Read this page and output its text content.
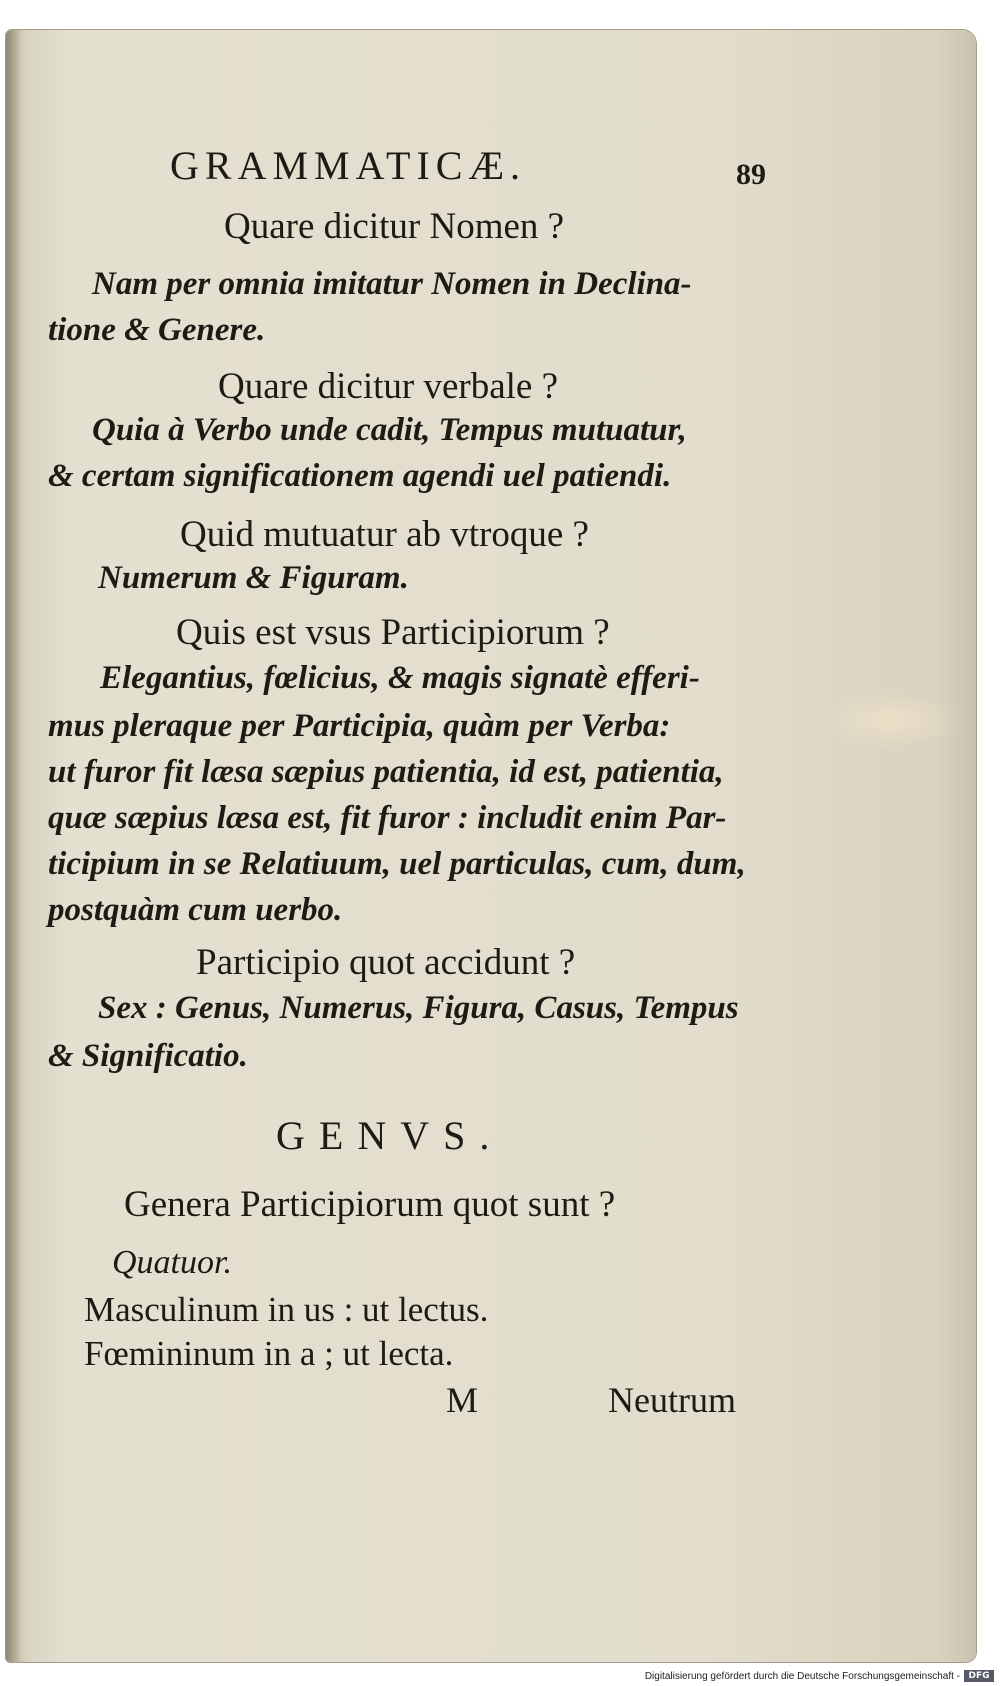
GRAMMATICÆ.	89
Quare dicitur Nomen ?
Nam per omnia imitatur Nomen in Declina-
tione & Genere.
Quare dicitur verbale ?
Quia à Verbo unde cadit, Tempus mutuatur,
& certam significationem agendi uel patiendi.
Quid mutuatur ab vtroque ?
Numerum & Figuram.
Quis est vsus Participiorum ?
Elegantius, fœlicius, & magis signatè efferi-
mus pleraque per Participia, quàm per Verba:
ut furor fit læsa sæpius patientia, id est, patientia,
quæ sæpius læsa est, fit furor : includit enim Par-
ticipium in se Relatiuum, uel particulas, cum, dum,
postquàm cum uerbo.
Participio quot accidunt ?
Sex : Genus, Numerus, Figura, Casus, Tempus
& Significatio.
GENVS.
Genera Participiorum quot sunt ?
Quatuor.
Masculinum in us : ut lectus.
Fœmininum in a ; ut lecta.
M	Neutrum
Digitalisierung gefördert durch die Deutsche Forschungsgemeinschaft - DFG
